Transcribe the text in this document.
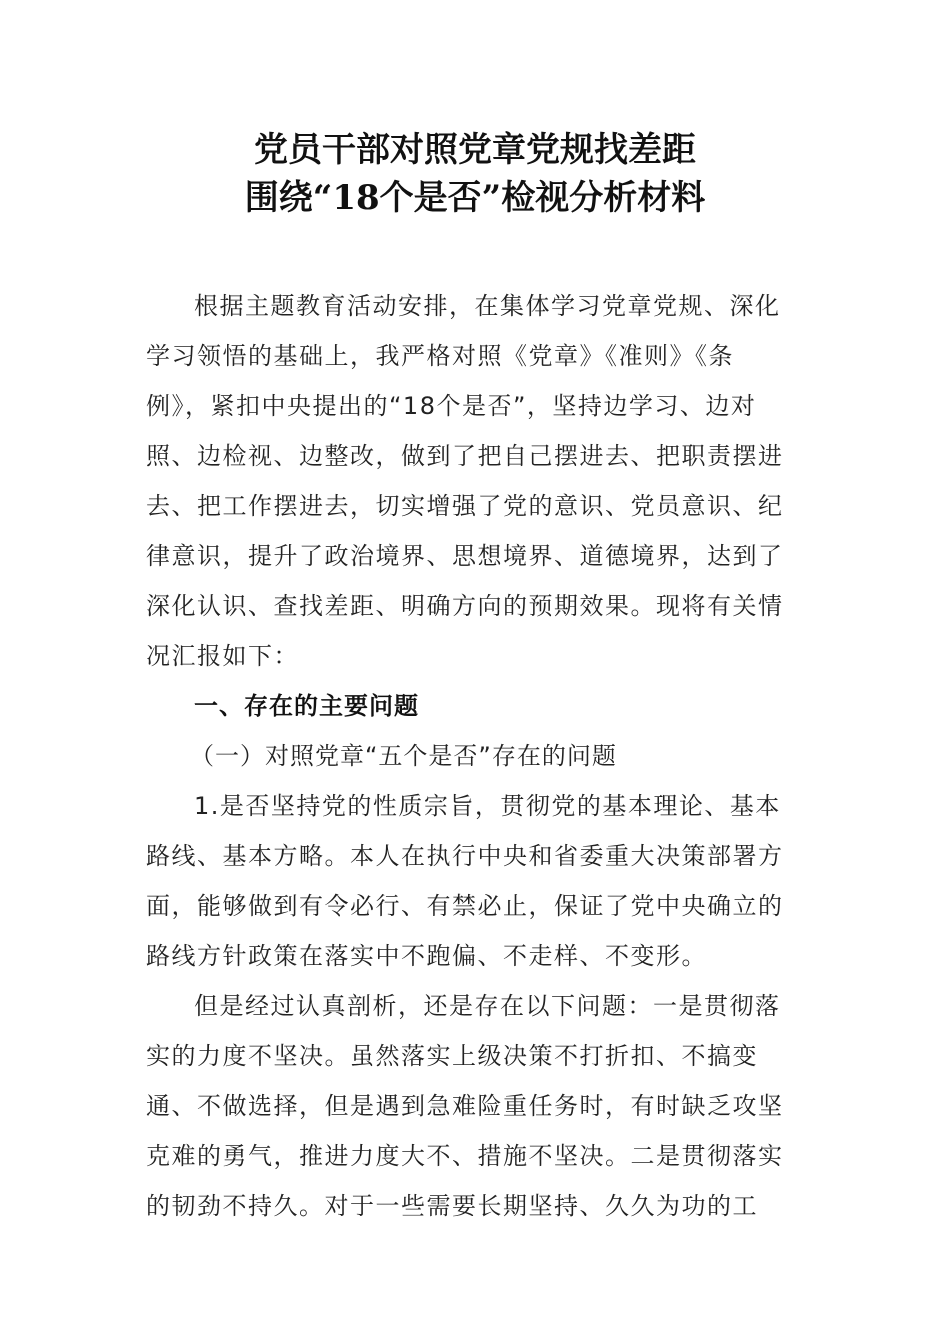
党员干部对照党章党规找差距
围绕“18个是否”检视分析材料
根据主题教育活动安排，在集体学习党章党规、深化
学习领悟的基础上，我严格对照《党章》《准则》《条
例》，紧扣中央提出的“18个是否”，坚持边学习、边对
照、边检视、边整改，做到了把自己摆进去、把职责摆进
去、把工作摆进去，切实增强了党的意识、党员意识、纪
律意识，提升了政治境界、思想境界、道德境界，达到了
深化认识、查找差距、明确方向的预期效果。现将有关情
况汇报如下：
一、存在的主要问题
（一）对照党章“五个是否”存在的问题
1.是否坚持党的性质宗旨，贯彻党的基本理论、基本
路线、基本方略。本人在执行中央和省委重大决策部署方
面，能够做到有令必行、有禁必止，保证了党中央确立的
路线方针政策在落实中不跑偏、不走样、不变形。
但是经过认真剖析，还是存在以下问题：一是贯彻落
实的力度不坚决。虽然落实上级决策不打折扣、不搞变
通、不做选择，但是遇到急难险重任务时，有时缺乏攻坚
克难的勇气，推进力度大不、措施不坚决。二是贯彻落实
的韧劲不持久。对于一些需要长期坚持、久久为功的工
